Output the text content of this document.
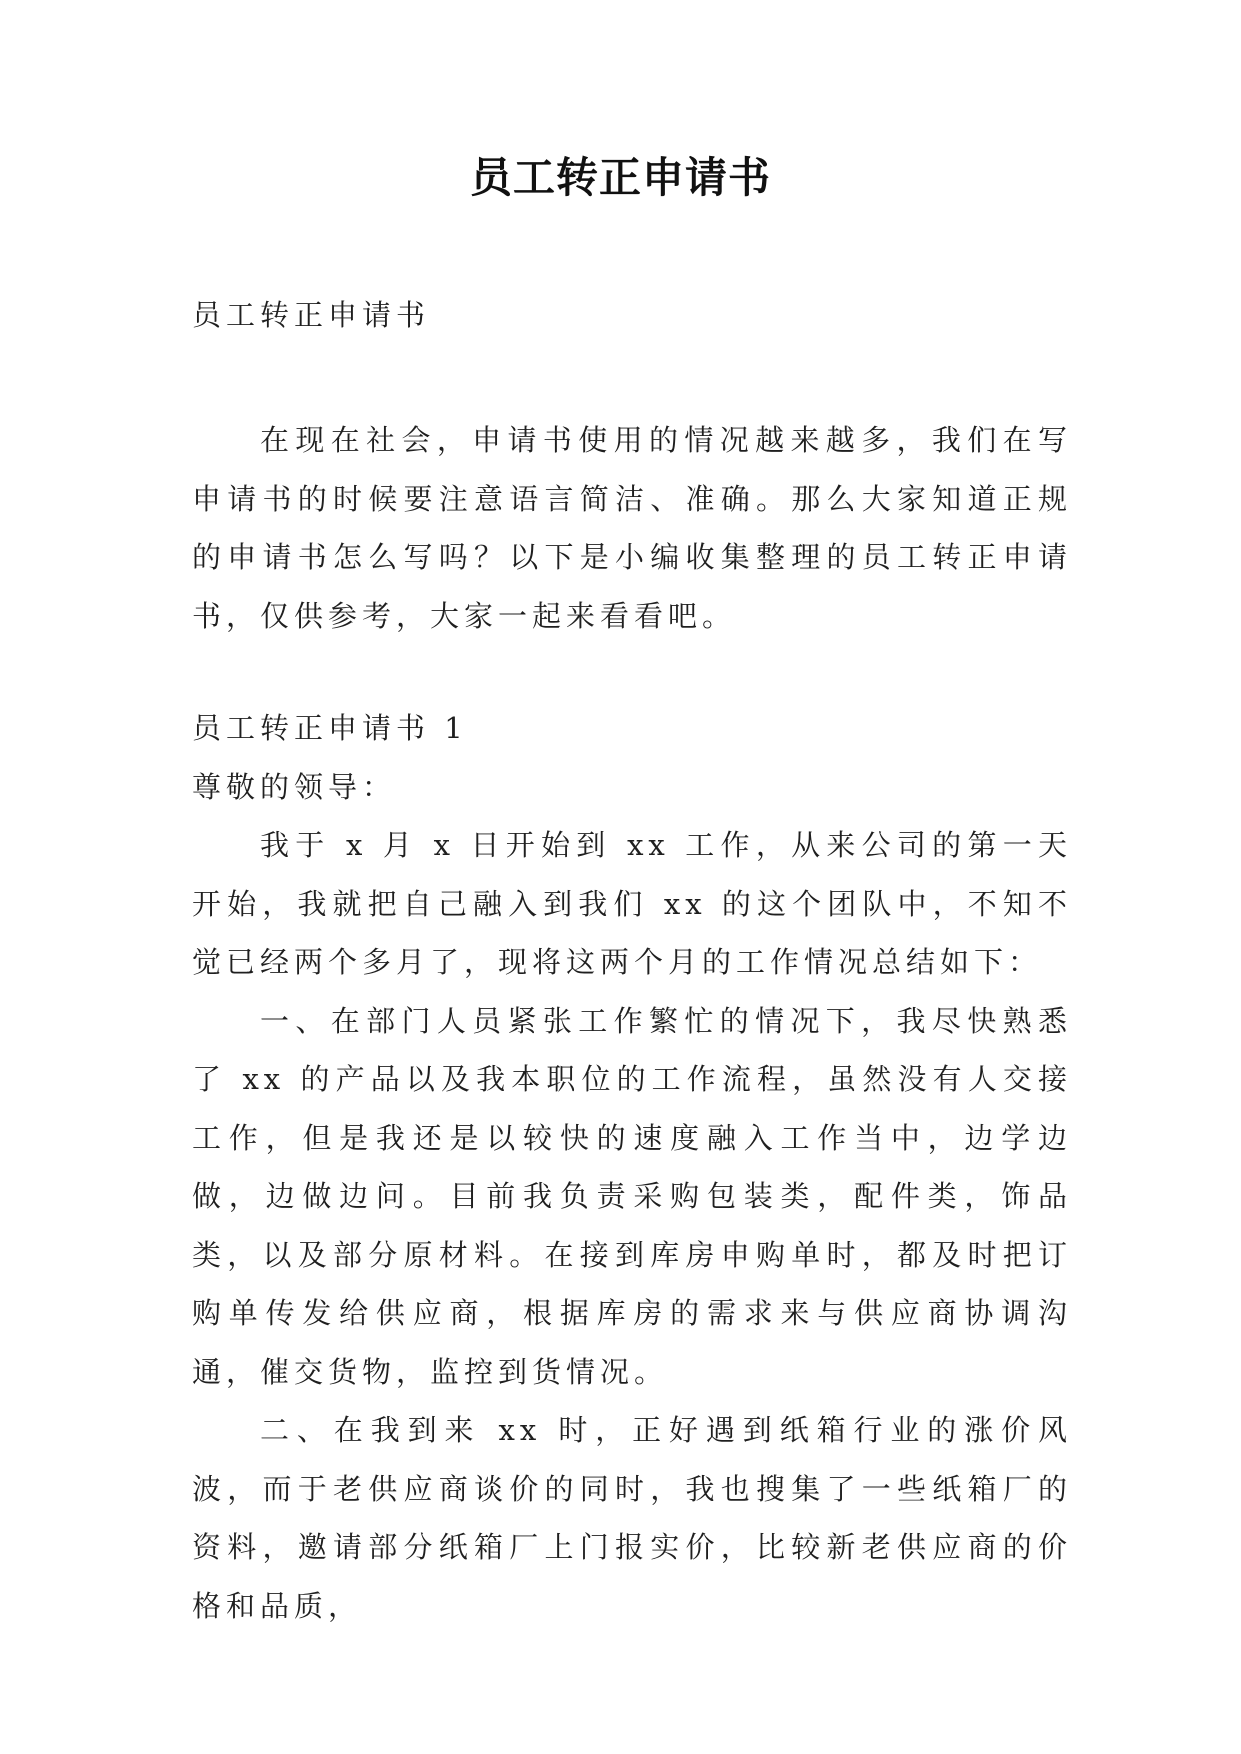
员工转正申请书

员工转正申请书

在现在社会，申请书使用的情况越来越多，我们在写申请书的时候要注意语言简洁、准确。那么大家知道正规的申请书怎么写吗？以下是小编收集整理的员工转正申请书，仅供参考，大家一起来看看吧。

员工转正申请书 1

尊敬的领导：

我于 x 月 x 日开始到 xx 工作，从来公司的第一天开始，我就把自己融入到我们 xx 的这个团队中，不知不觉已经两个多月了，现将这两个月的工作情况总结如下：

一、在部门人员紧张工作繁忙的情况下，我尽快熟悉了 xx 的产品以及我本职位的工作流程，虽然没有人交接工作，但是我还是以较快的速度融入工作当中，边学边做，边做边问。目前我负责采购包装类，配件类，饰品类，以及部分原材料。在接到库房申购单时，都及时把订购单传发给供应商，根据库房的需求来与供应商协调沟通，催交货物，监控到货情况。

二、在我到来 xx 时，正好遇到纸箱行业的涨价风波，而于老供应商谈价的同时，我也搜集了一些纸箱厂的资料，邀请部分纸箱厂上门报实价，比较新老供应商的价格和品质，
